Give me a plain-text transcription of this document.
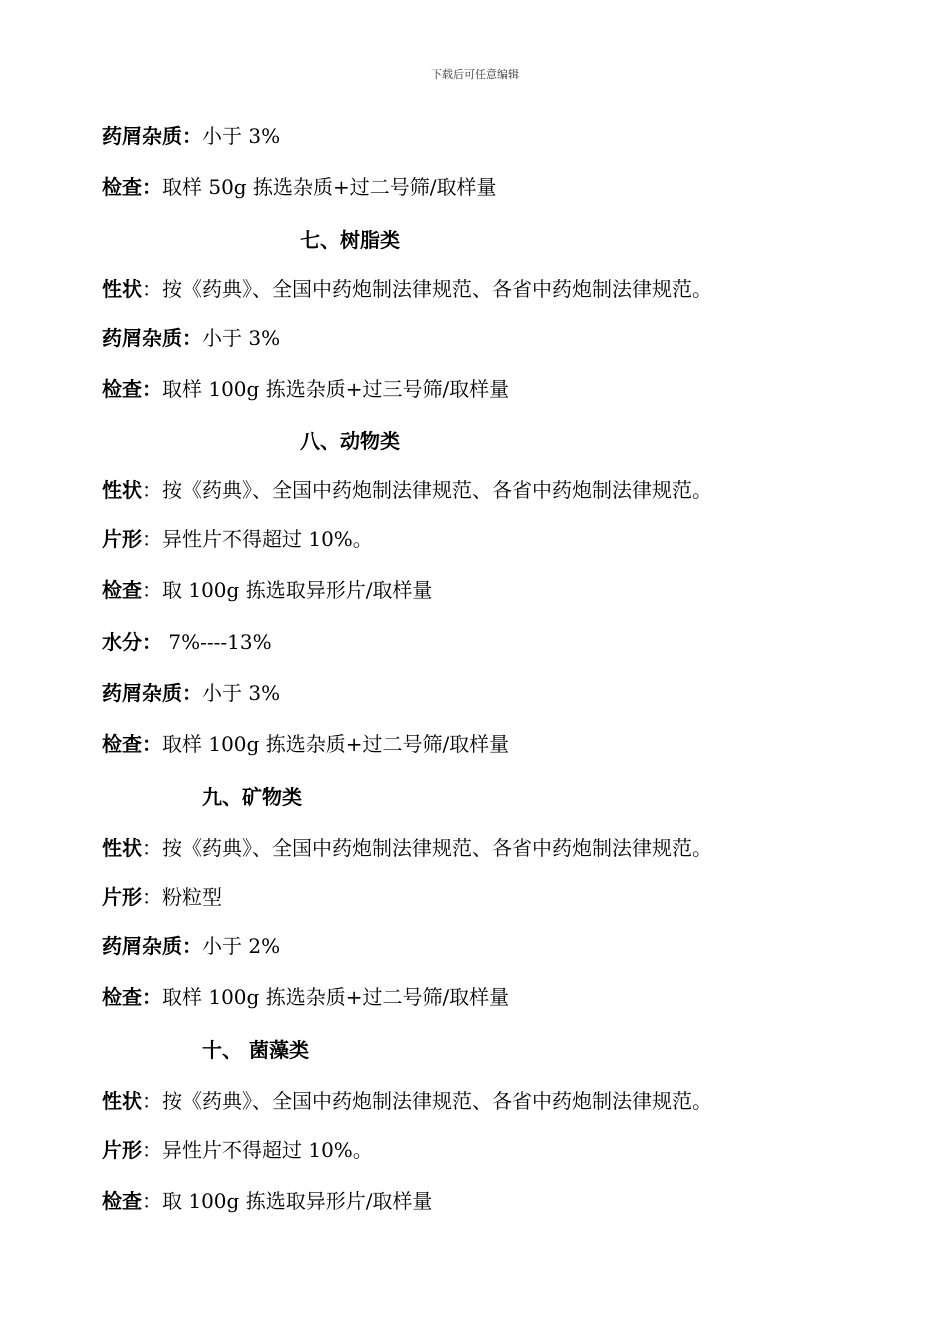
下载后可任意编辑
药屑杂质：小于 3%
检查：取样 50g 拣选杂质+过二号筛/取样量
七、树脂类
性状：按《药典》、全国中药炮制法律规范、各省中药炮制法律规范。
药屑杂质：小于 3%
检查：取样 100g 拣选杂质+过三号筛/取样量
八、动物类
性状：按《药典》、全国中药炮制法律规范、各省中药炮制法律规范。
片形：异性片不得超过 10%。
检查：取 100g 拣选取异形片/取样量
水分： 7%----13%
药屑杂质：小于 3%
检查：取样 100g 拣选杂质+过二号筛/取样量
九、矿物类
性状：按《药典》、全国中药炮制法律规范、各省中药炮制法律规范。
片形：粉粒型
药屑杂质：小于 2%
检查：取样 100g 拣选杂质+过二号筛/取样量
十、 菌藻类
性状：按《药典》、全国中药炮制法律规范、各省中药炮制法律规范。
片形：异性片不得超过 10%。
检查：取 100g 拣选取异形片/取样量
